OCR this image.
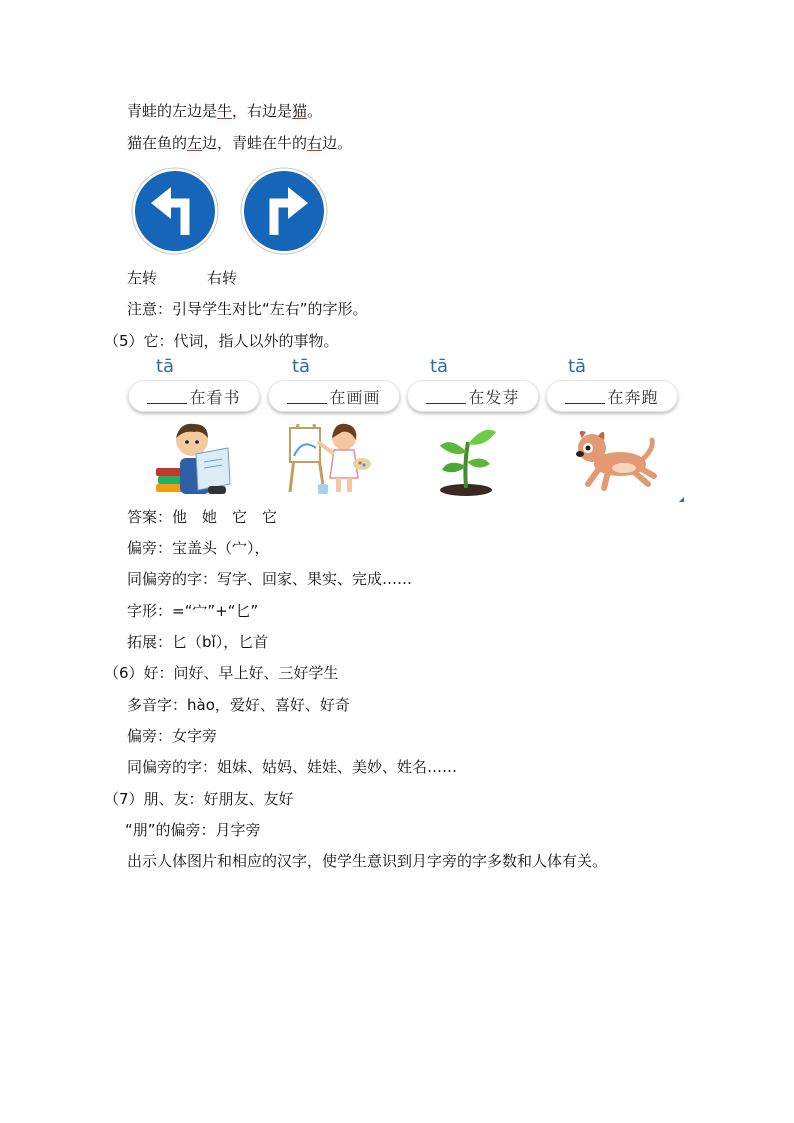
青蛙的左边是牛，右边是猫。
猫在鱼的左边，青蛙在牛的右边。
左转	右转
注意：引导学生对比“左右”的字形。
（5）它：代词，指人以外的事物。
tā	tā	tā	tā
在看书	在画画	在发芽	在奔跑
答案：他　她　它　它
偏旁：宝盖头（宀），
同偏旁的字：写字、回家、果实、完成……
字形：=“宀”+“匕”
拓展：匕（bǐ），匕首
（6）好：问好、早上好、三好学生
多音字：hào，爱好、喜好、好奇
偏旁：女字旁
同偏旁的字：姐妹、姑妈、娃娃、美妙、姓名……
（7）朋、友：好朋友、友好
“朋”的偏旁：月字旁
出示人体图片和相应的汉字，使学生意识到月字旁的字多数和人体有关。
